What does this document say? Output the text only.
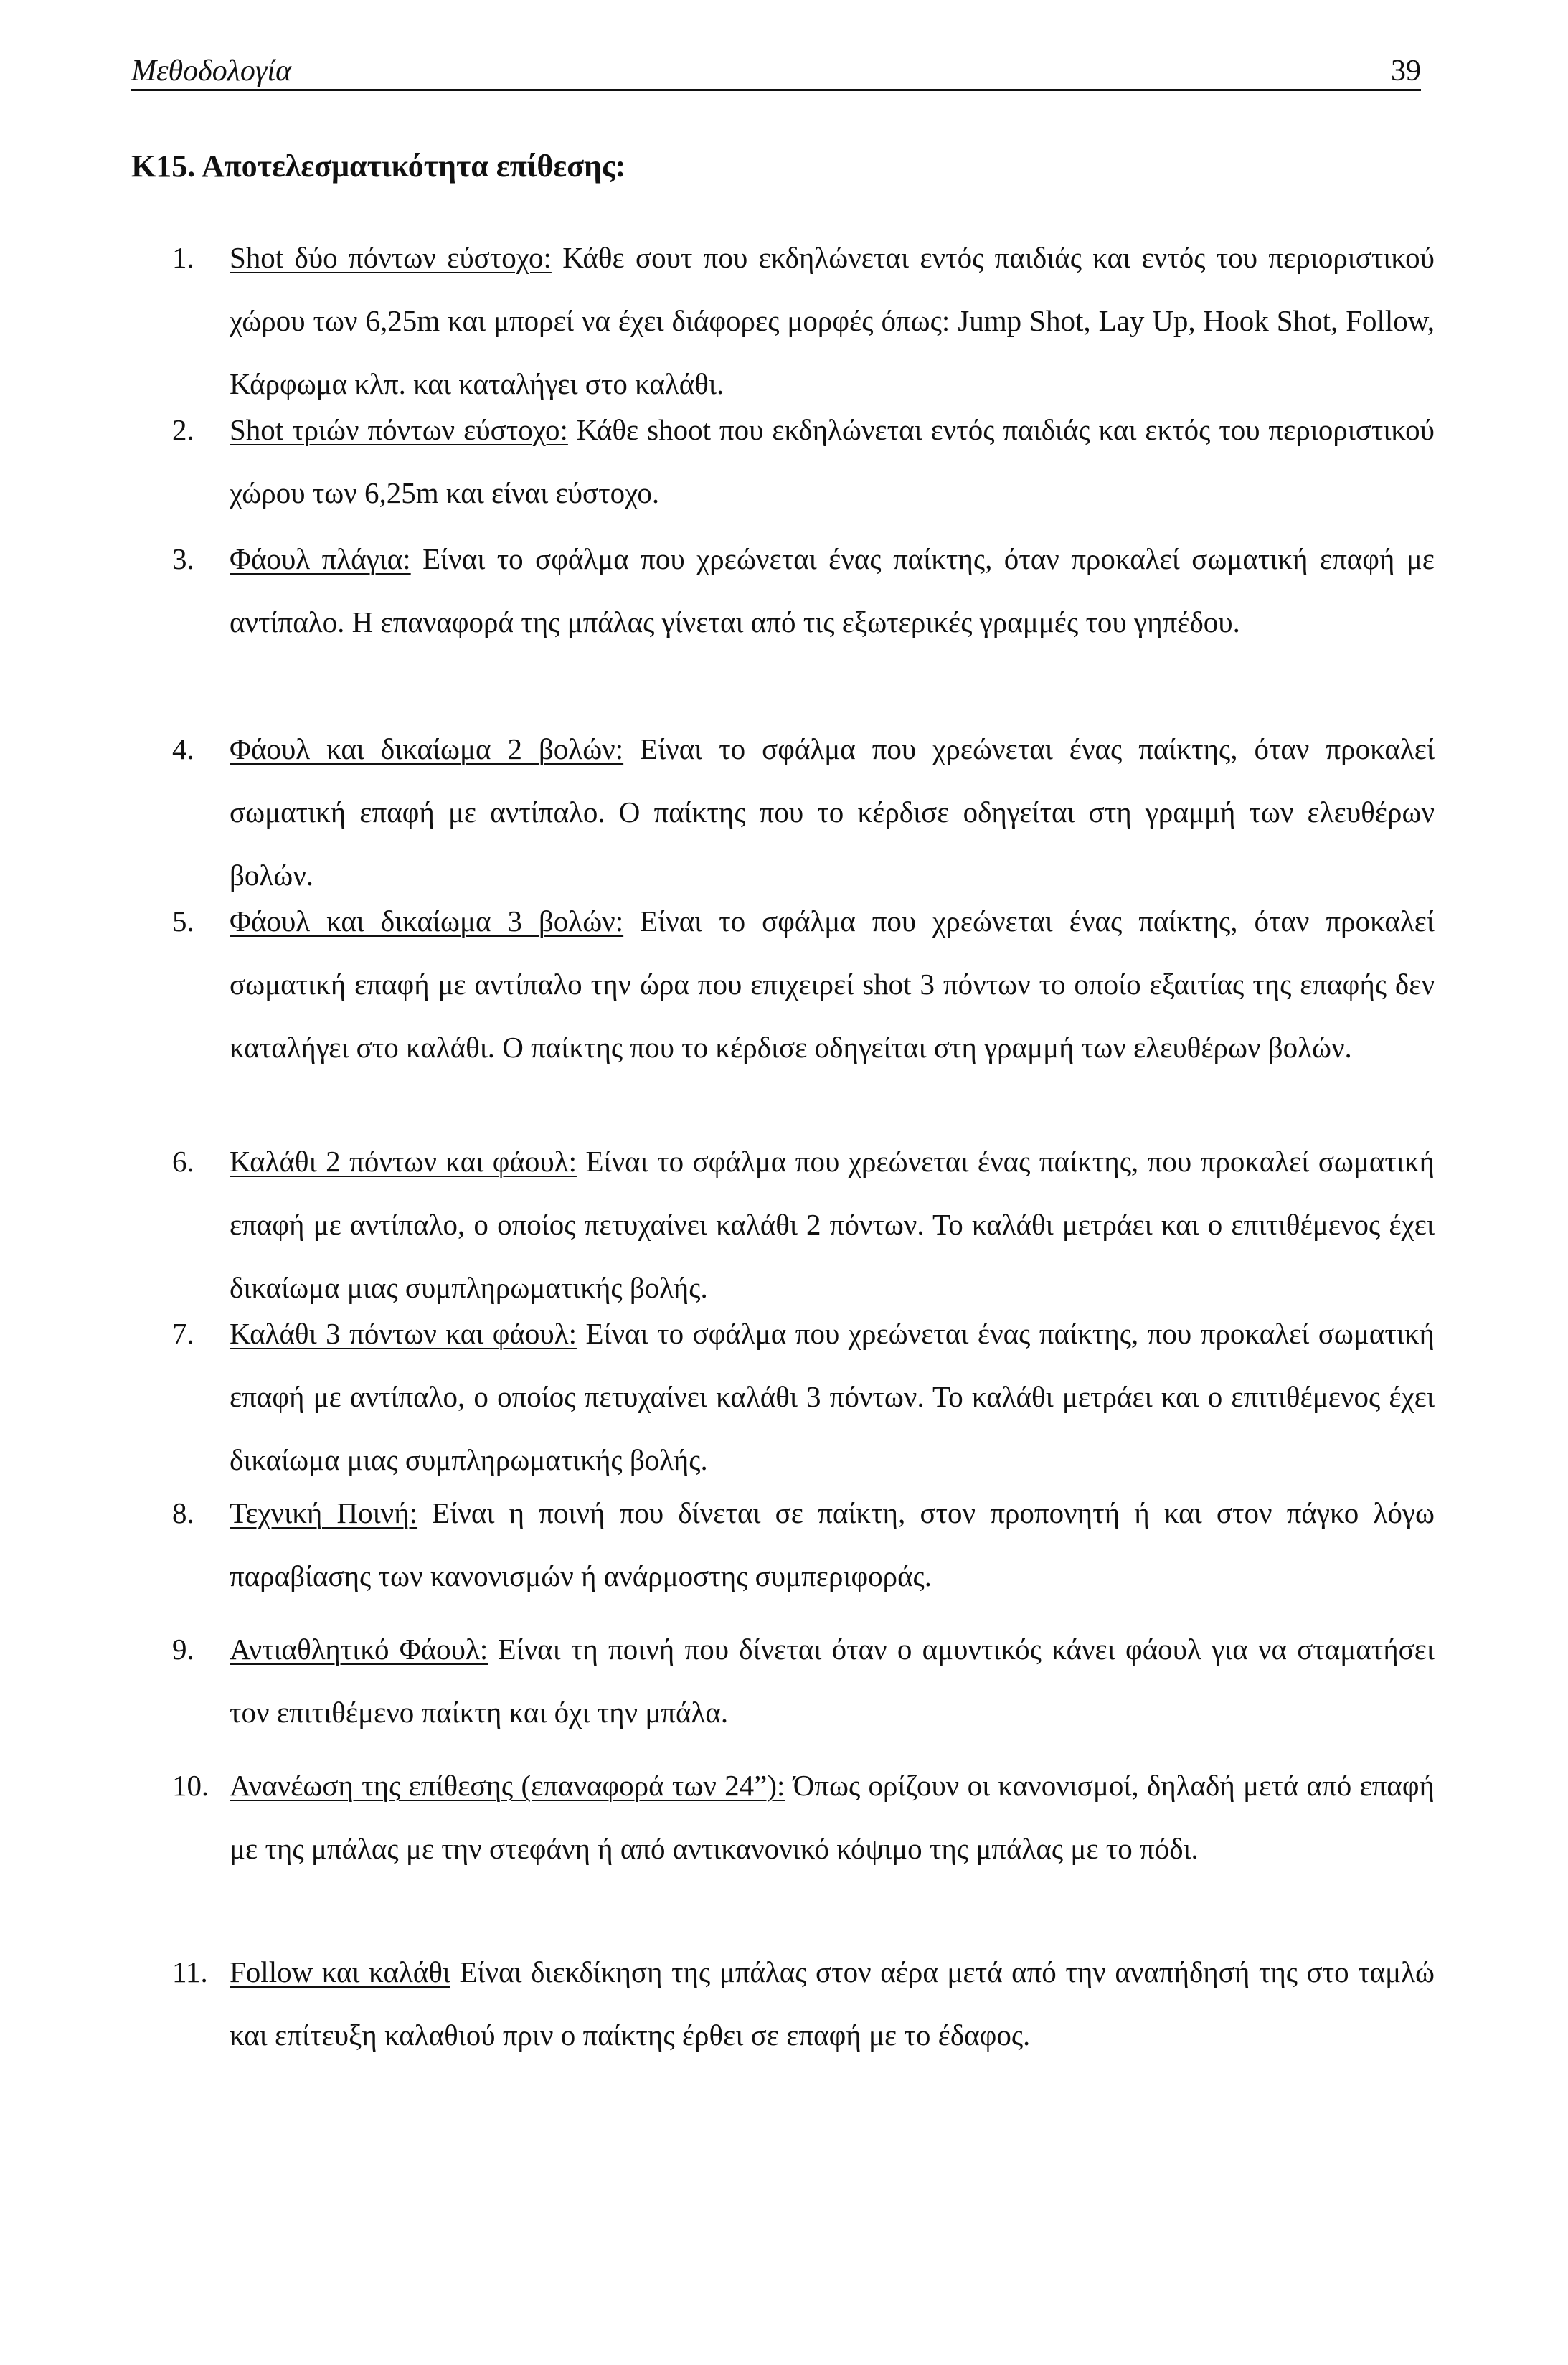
Μεθοδολογία	39
Κ15. Αποτελεσματικότητα επίθεσης:
1. Shot δύο πόντων εύστοχο: Κάθε σουτ που εκδηλώνεται εντός παιδιάς και εντός του περιοριστικού χώρου των 6,25m και μπορεί να έχει διάφορες μορφές όπως: Jump Shot, Lay Up, Hook Shot, Follow, Κάρφωμα κλπ. και καταλήγει στο καλάθι.
2. Shot τριών πόντων εύστοχο: Κάθε shoot που εκδηλώνεται εντός παιδιάς και εκτός του περιοριστικού χώρου των 6,25m και είναι εύστοχο.
3. Φάουλ πλάγια: Είναι το σφάλμα που χρεώνεται ένας παίκτης, όταν προκαλεί σωματική επαφή με αντίπαλο. Η επαναφορά της μπάλας γίνεται από τις εξωτερικές γραμμές του γηπέδου.
4. Φάουλ και δικαίωμα 2 βολών: Είναι το σφάλμα που χρεώνεται ένας παίκτης, όταν προκαλεί σωματική επαφή με αντίπαλο. Ο παίκτης που το κέρδισε οδηγείται στη γραμμή των ελευθέρων βολών.
5. Φάουλ και δικαίωμα 3 βολών: Είναι το σφάλμα που χρεώνεται ένας παίκτης, όταν προκαλεί σωματική επαφή με αντίπαλο την ώρα που επιχειρεί shot 3 πόντων το οποίο εξαιτίας της επαφής δεν καταλήγει στο καλάθι. Ο παίκτης που το κέρδισε οδηγείται στη γραμμή των ελευθέρων βολών.
6. Καλάθι 2 πόντων και φάουλ: Είναι το σφάλμα που χρεώνεται ένας παίκτης, που προκαλεί σωματική επαφή με αντίπαλο, ο οποίος πετυχαίνει καλάθι 2 πόντων. Το καλάθι μετράει και ο επιτιθέμενος έχει δικαίωμα μιας συμπληρωματικής βολής.
7. Καλάθι 3 πόντων και φάουλ: Είναι το σφάλμα που χρεώνεται ένας παίκτης, που προκαλεί σωματική επαφή με αντίπαλο, ο οποίος πετυχαίνει καλάθι 3 πόντων. Το καλάθι μετράει και ο επιτιθέμενος έχει δικαίωμα μιας συμπληρωματικής βολής.
8. Τεχνική Ποινή: Είναι η ποινή που δίνεται σε παίκτη, στον προπονητή ή και στον πάγκο λόγω παραβίασης των κανονισμών ή ανάρμοστης συμπεριφοράς.
9. Αντιαθλητικό Φάουλ: Είναι τη ποινή που δίνεται όταν ο αμυντικός κάνει φάουλ για να σταματήσει τον επιτιθέμενο παίκτη και όχι την μπάλα.
10. Ανανέωση της επίθεσης (επαναφορά των 24”): Όπως ορίζουν οι κανονισμοί, δηλαδή μετά από επαφή με της μπάλας με την στεφάνη ή από αντικανονικό κόψιμο της μπάλας με το πόδι.
11. Follow και καλάθι Είναι διεκδίκηση της μπάλας στον αέρα μετά από την αναπήδησή της στο ταμλώ και επίτευξη καλαθιού πριν ο παίκτης έρθει σε επαφή με το έδαφος.
